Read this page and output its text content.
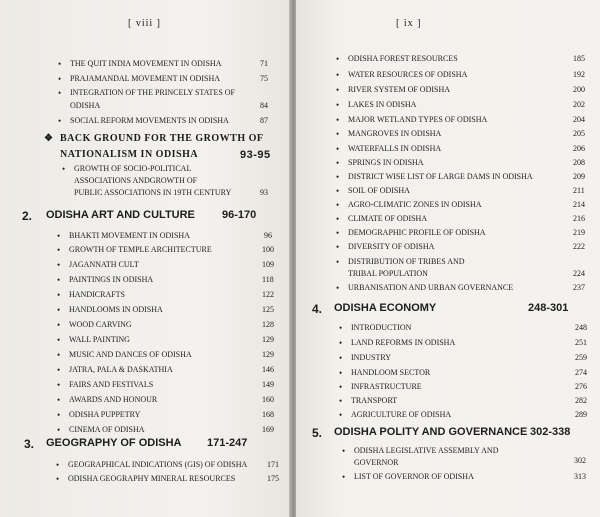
[ viii ]
• THE QUIT INDIA MOVEMENT IN ODISHA	71
• PRAJAMANDAL MOVEMENT IN ODISHA	75
• INTEGRATION OF THE PRINCELY STATES OF
ODISHA	84
• SOCIAL REFORM MOVEMENTS IN ODISHA	87
❖ BACK GROUND FOR THE GROWTH OF
NATIONALISM IN ODISHA	93-95
• GROWTH OF SOCIO-POLITICAL
ASSOCIATIONS ANDGROWTH OF
PUBLIC ASSOCIATIONS IN 19TH CENTURY	93
2. ODISHA ART AND CULTURE 96-170
• BHAKTI MOVEMENT IN ODISHA	96
• GROWTH OF TEMPLE ARCHITECTURE	100
• JAGANNATH CULT	109
• PAINTINGS IN ODISHA	118
• HANDICRAFTS	122
• HANDLOOMS IN ODISHA	125
• WOOD CARVING	128
• WALL PAINTING	129
• MUSIC AND DANCES OF ODISHA	129
• JATRA, PALA & DASKATHIA	146
• FAIRS AND FESTIVALS	149
• AWARDS AND HONOUR	160
• ODISHA PUPPETRY	168
• CINEMA OF ODISHA	169
3. GEOGRAPHY OF ODISHA 171-247
• GEOGRAPHICAL INDICATIONS (GIS) OF ODISHA 171
• ODISHA GEOGRAPHY MINERAL RESOURCES	175
[ ix ]
• ODISHA FOREST RESOURCES	185
• WATER RESOURCES OF ODISHA	192
• RIVER SYSTEM OF ODISHA	200
• LAKES IN ODISHA	202
• MAJOR WETLAND TYPES OF ODISHA	204
• MANGROVES IN ODISHA	205
• WATERFALLS IN ODISHA	206
• SPRINGS IN ODISHA	208
• DISTRICT WISE LIST OF LARGE DAMS IN ODISHA	209
• SOIL OF ODISHA	211
• AGRO-CLIMATIC ZONES IN ODISHA	214
• CLIMATE OF ODISHA	216
• DEMOGRAPHIC PROFILE OF ODISHA	219
• DIVERSITY OF ODISHA	222
• DISTRIBUTION OF TRIBES AND
TRIBAL POPULATION	224
• URBANISATION AND URBAN GOVERNANCE	237
4. ODISHA ECONOMY	248-301
• INTRODUCTION	248
• LAND REFORMS IN ODISHA	251
• INDUSTRY	259
• HANDLOOM SECTOR	274
• INFRASTRUCTURE	276
• TRANSPORT	282
• AGRICULTURE OF ODISHA	289
5. ODISHA POLITY AND GOVERNANCE 302-338
• ODISHA LEGISLATIVE ASSEMBLY AND
GOVERNOR	302
• LIST OF GOVERNOR OF ODISHA	313
